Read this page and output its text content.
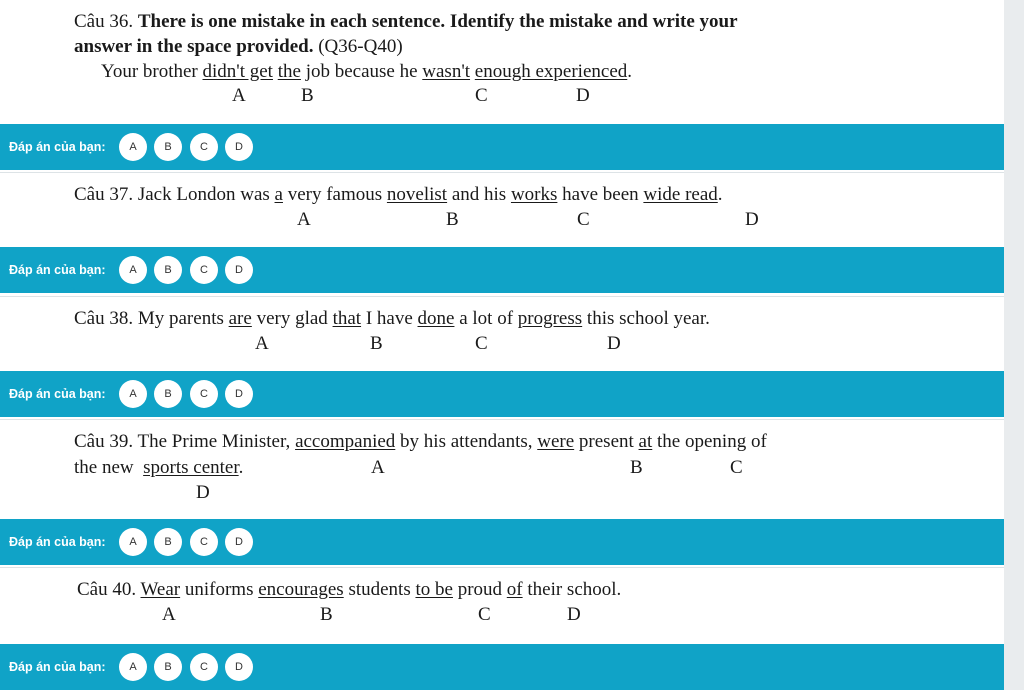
Câu 36. There is one mistake in each sentence. Identify the mistake and write your
answer in the space provided. (Q36-Q40)
Your brother didn't get the job because he wasn't enough experienced.
A	B	C	D
Đáp án của bạn:	A	B	C	D
Câu 37. Jack London was a very famous novelist and his works have been wide read.
A	B	C	D
Đáp án của bạn:	A	B	C	D
Câu 38. My parents are very glad that I have done a lot of progress this school year.
A	B	C	D
Đáp án của bạn:	A	B	C	D
Câu 39. The Prime Minister, accompanied by his attendants, were present at the opening of
the new  sports center.	A	B	C
D
Đáp án của bạn:	A	B	C	D
Câu 40. Wear uniforms encourages students to be proud of their school.
A	B	C	D
Đáp án của bạn:	A	B	C	D
